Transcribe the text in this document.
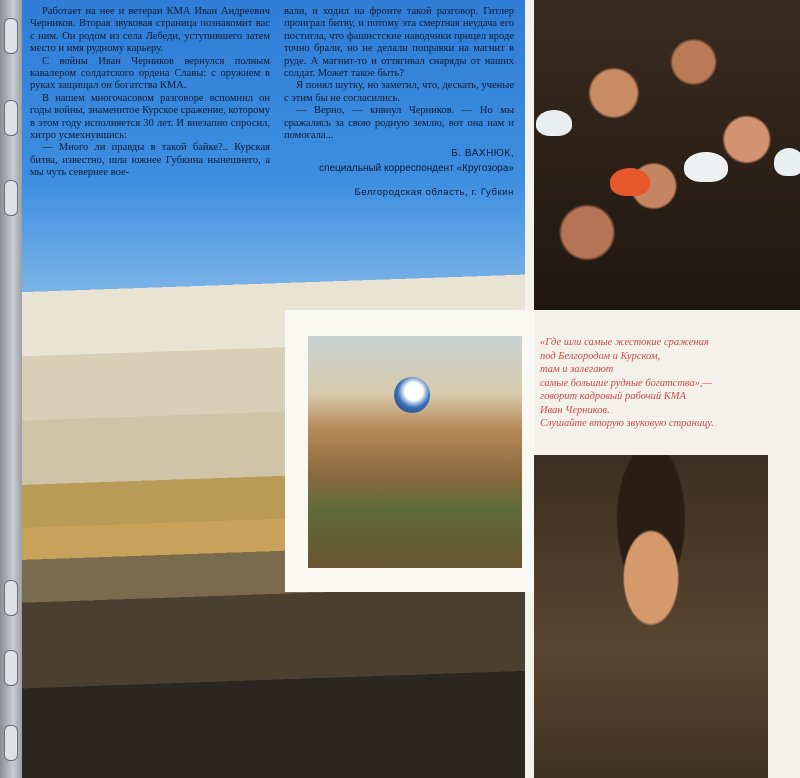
Работает на нее и ветеран КМА Иван Андреевич Черников. Вторая звуковая страница познакомит вас с ним. Он родом из села Лебеди, уступившего затем место и имя рудному карьеру.

С войны Иван Черников вернулся полным кавалером солдатского ордена Славы: с оружием в руках защищал он богатства КМА.

В нашем многочасовом разговоре вспомнил он годы войны, знаменитое Курское сражение, которому в этом году исполняется 30 лет. И внезапно спросил, хитро усмехнувшись:

— Много ли правды в такой байке?.. Курская битва, известно, шла южнее Губкина нынешнего, а мы чуть севернее вое-

вали, и ходил на фронте такой разговор. Гитлер проиграл битву, и потому эта смертная неудача его постигла, что фашистские наводчики прицел вроде точно брали, но не делали поправки на магнит в руде. А магнит-то и оттягивал снаряды от наших солдат. Может такое быть?

Я понял шутку, но заметил, что, дескать, ученые с этим бы не согласились.

— Верно, — кивнул Черников. — Но мы сражались за свою родную землю, вот она нам и помогала...

Б. ВАХНЮК,
специальный корреспондент «Кругозора»
Белгородская область, г. Губкин
«Где шли самые жестокие сражения
под Белгородом и Курском,
там и залегают
самые большие рудные богатства»,—
говорит кадровый рабочий КМА
Иван Черников.
Слушайте вторую звуковую страницу.
